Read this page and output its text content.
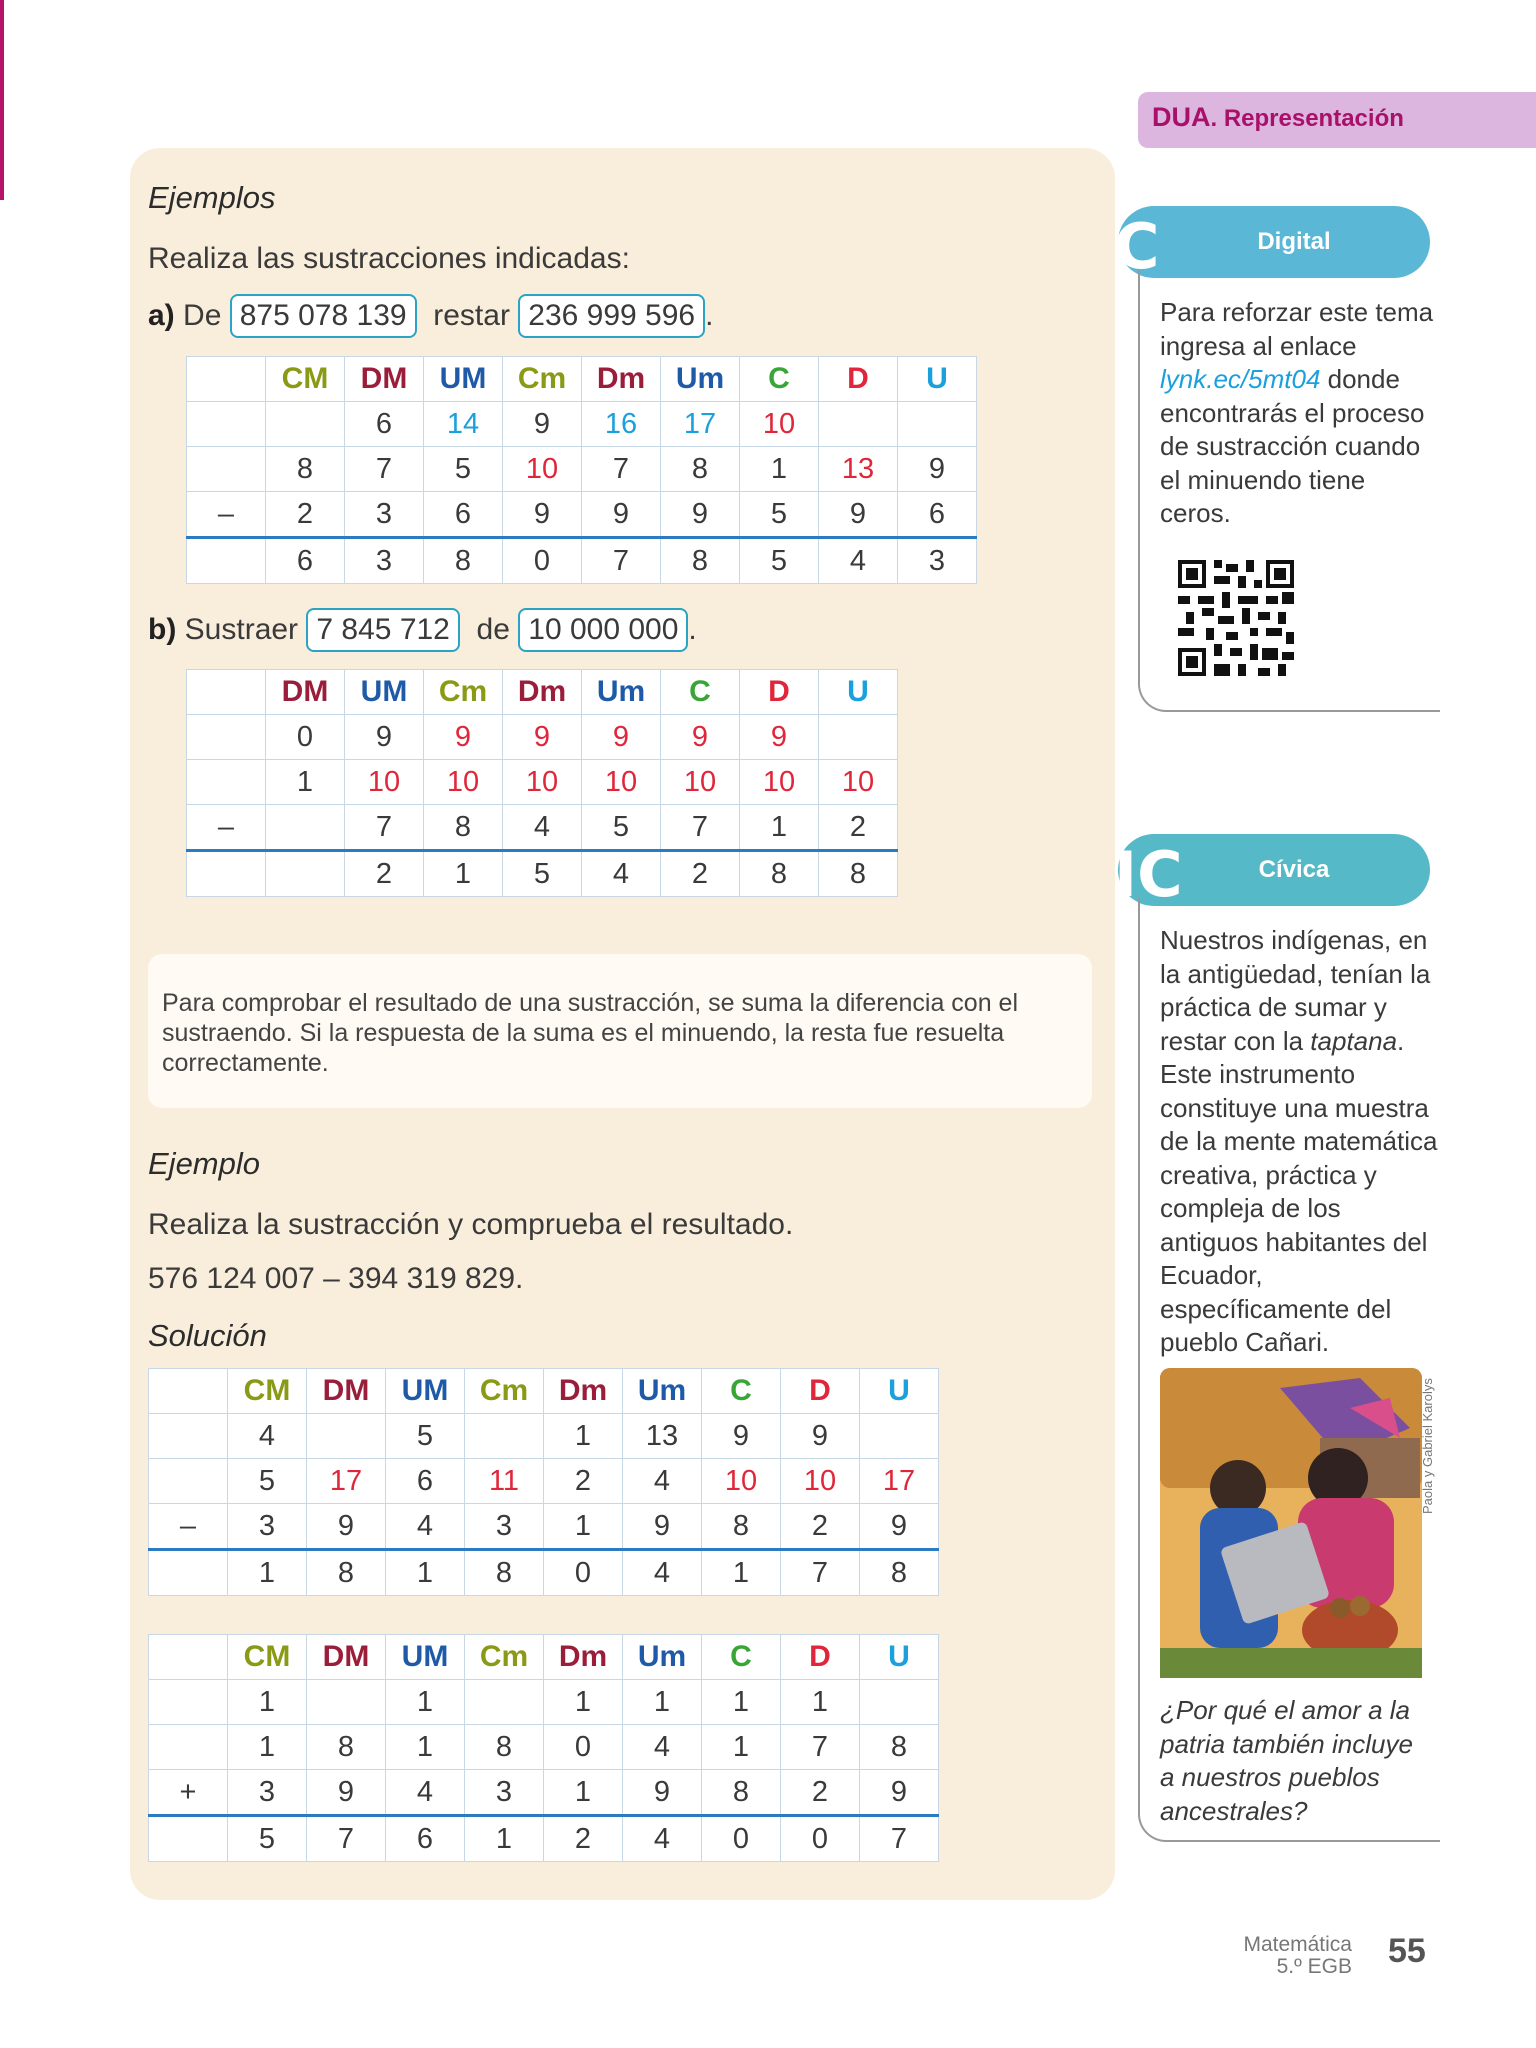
DUA. Representación
Ejemplos
Realiza las sustracciones indicadas:
a) De 875 078 139 restar 236 999 596 .
	CM	DM	UM	Cm	Dm	Um	C	D	U
		6	14	9	16	17	10		
	8	7	5	10	7	8	1	13	9
–	2	3	6	9	9	9	5	9	6
	6	3	8	0	7	8	5	4	3
b) Sustraer 7 845 712 de 10 000 000 .
	DM	UM	Cm	Dm	Um	C	D	U
	0	9	9	9	9	9	9	
	1	10	10	10	10	10	10	10
–		7	8	4	5	7	1	2
		2	1	5	4	2	8	8

Para comprobar el resultado de una sustracción, se suma la diferencia con el sustraendo. Si la respuesta de la suma es el minuendo, la resta fue resuelta correctamente.

Ejemplo
Realiza la sustracción y comprueba el resultado.
576 124 007 – 394 319 829.
Solución
	CM	DM	UM	Cm	Dm	Um	C	D	U
	4		5		1	13	9	9	
	5	17	6	11	2	4	10	10	17
–	3	9	4	3	1	9	8	2	9
	1	8	1	8	0	4	1	7	8
	CM	DM	UM	Cm	Dm	Um	C	D	U
	1		1		1	1	1	1	
	1	8	1	8	0	4	1	7	8
+	3	9	4	3	1	9	8	2	9
	5	7	6	1	2	4	0	0	7
C	Digital
Para reforzar este tema ingresa al enlace lynk.ec/5mt04 donde encontrarás el proceso de sustracción cuando el minuendo tiene ceros.
IC	Cívica
Nuestros indígenas, en la antigüedad, tenían la práctica de sumar y restar con la taptana. Este instrumento constituye una muestra de la mente matemática creativa, práctica y compleja de los antiguos habitantes del Ecuador, específicamente del pueblo Cañari.
Paola y Gabriel Karolys
¿Por qué el amor a la patria también incluye a nuestros pueblos ancestrales?
Matemática
5.º EGB 55
